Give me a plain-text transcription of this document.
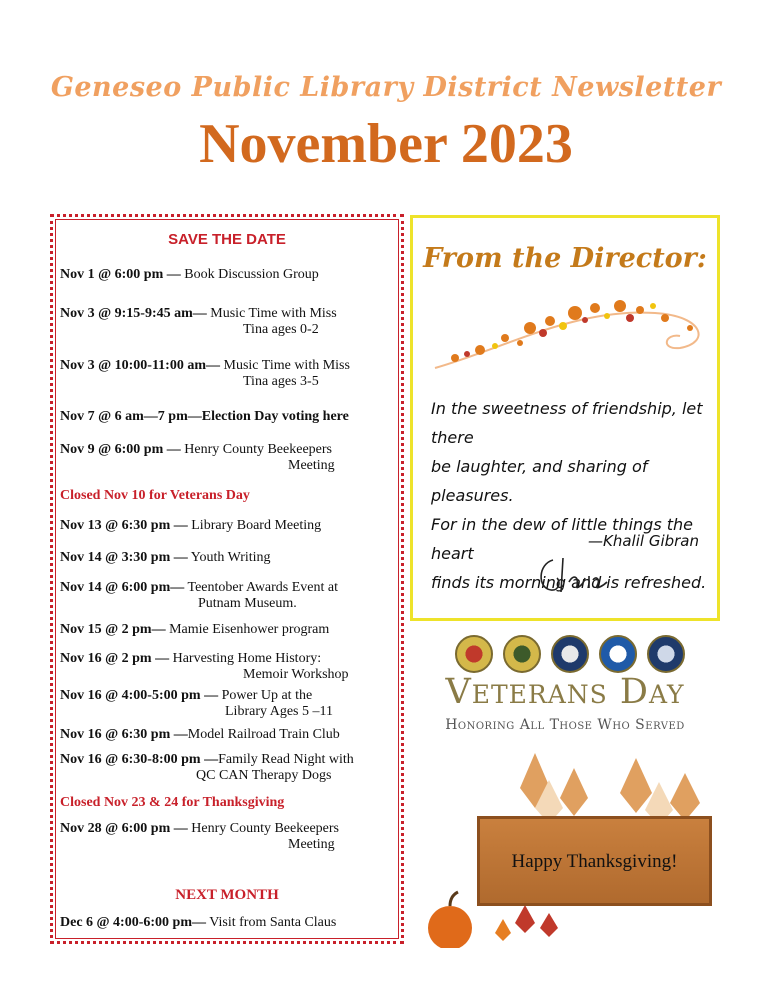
Geneseo Public Library District Newsletter
November 2023
SAVE THE DATE
Nov 1 @ 6:00 pm — Book Discussion Group
Nov 3 @ 9:15-9:45 am— Music Time with Miss
Tina ages 0-2
Nov 3 @ 10:00-11:00 am— Music Time with Miss
Tina ages 3-5
Nov 7 @ 6 am—7 pm—Election Day voting here
Nov 9 @ 6:00 pm — Henry County Beekeepers
Meeting
Closed Nov 10 for Veterans Day
Nov 13 @ 6:30 pm — Library Board Meeting
Nov 14 @ 3:30 pm — Youth Writing
Nov 14 @ 6:00 pm— Teentober Awards Event at
Putnam Museum.
Nov 15 @ 2 pm— Mamie Eisenhower program
Nov 16 @ 2 pm — Harvesting Home History:
Memoir Workshop
Nov 16 @ 4:00-5:00 pm — Power Up at the
Library Ages 5 –11
Nov 16 @ 6:30 pm —Model Railroad Train Club
Nov 16 @ 6:30-8:00 pm —Family Read Night with
QC CAN Therapy Dogs
Closed Nov 23 & 24 for Thanksgiving
Nov 28 @ 6:00 pm — Henry County Beekeepers
Meeting
NEXT MONTH
Dec 6 @ 4:00-6:00 pm— Visit from Santa Claus
From the Director:
In the sweetness of friendship, let there
be laughter, and sharing of pleasures.
For in the dew of little things the heart
finds its morning and is refreshed.
—Khalil Gibran
Veterans Day
Honoring All Those Who Served
Happy Thanksgiving!
